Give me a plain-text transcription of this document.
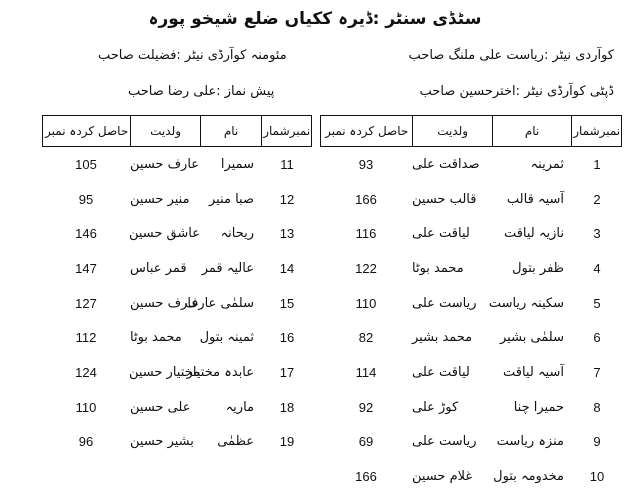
سٹڈی سنٹر :ڈیرہ ککیاں ضلع شیخو پورہ
کوآردی نیٹر :ریاست علی ملنگ صاحب
مئومنہ کوآرڈی نیٹر :فضیلت صاحب
ڈپٹی کوآرڈی نیٹر :اخترحسین صاحب
پیش نماز :علی رضا صاحب
نمبرشمار
نام
ولدیت
حاصل کردہ نمبر
1
ثمرینہ
صداقت علی
93
2
آسیہ قالب
قالب حسین
166
3
نازیہ لیاقت
لیاقت علی
116
4
ظفر بتول
محمد بوٹا
122
5
سکینہ ریاست
ریاست علی
110
6
سلمٰی بشیر
محمد بشیر
82
7
آسیہ لیاقت
لیاقت علی
114
8
حمیرا چنا
کوڑ علی
92
9
منزہ ریاست
ریاست علی
69
10
مخدومہ بتول
غلام حسین
166
نمبرشمار
نام
ولدیت
حاصل کردہ نمبر
11
سمیرا
عارف حسین
105
12
صبا منیر
منیر حسین
95
13
ریحانہ
عاشق حسین
146
14
عالیہ قمر
قمر عباس
147
15
سلمٰی عارف
عارف حسین
127
16
ثمینہ بتول
محمد بوٹا
112
17
عابدہ مختیار
مختیار حسین
124
18
ماریہ
علی حسین
110
19
عظمٰی
بشیر حسین
96
